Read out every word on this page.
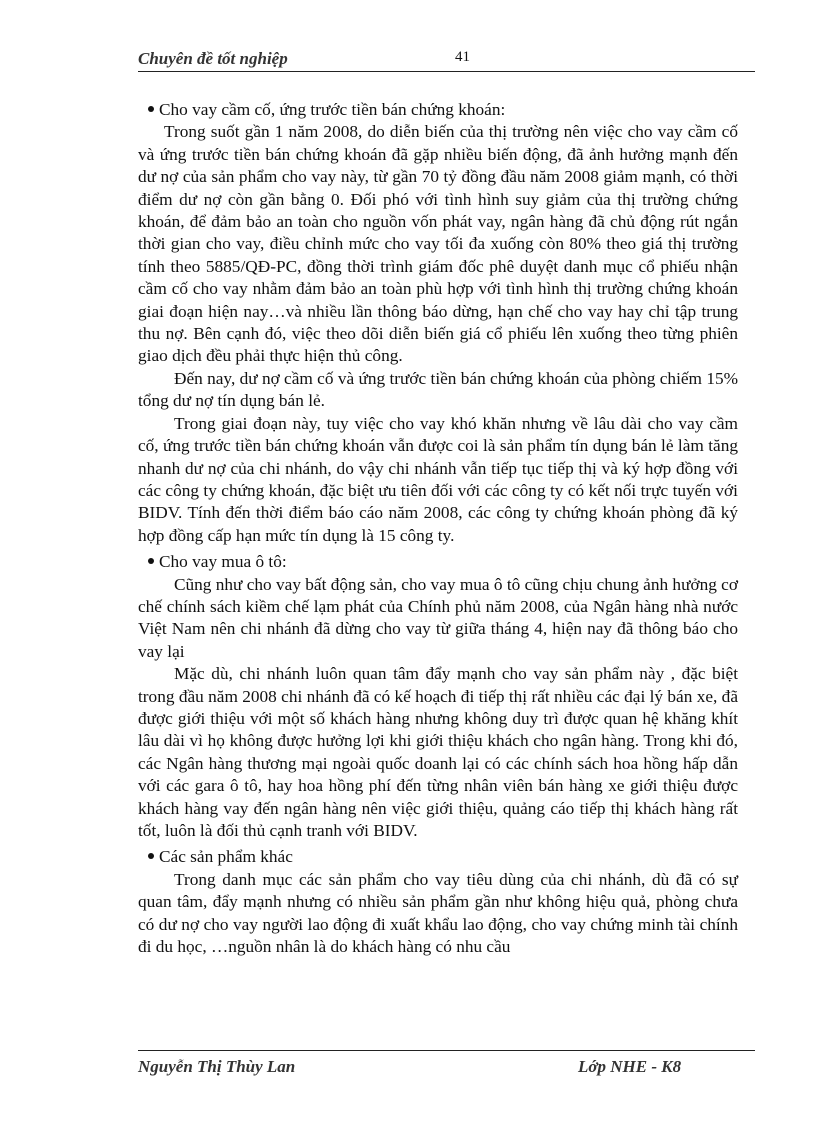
Chuyên đề tốt nghiệp	41
Cho vay cầm cố, ứng trước tiền bán chứng khoán:

Trong suốt gần 1 năm 2008, do diễn biến của thị trường nên việc cho vay cầm cố và ứng trước tiền bán chứng khoán đã gặp nhiều biến động, đã ảnh hưởng mạnh đến dư nợ của sản phẩm cho vay này, từ gần 70 tỷ đồng đầu năm 2008 giảm mạnh, có thời điểm dư nợ còn gần bằng 0. Đối phó với tình hình suy giảm của thị trường chứng khoán, để đảm bảo an toàn cho nguồn vốn phát vay, ngân hàng đã chủ động rút ngắn thời gian cho vay, điều chỉnh mức cho vay tối đa xuống còn 80% theo giá thị trường tính theo 5885/QĐ-PC, đồng thời trình giám đốc phê duyệt danh mục cổ phiếu nhận cầm cố cho vay nhằm đảm bảo an toàn phù hợp với tình hình thị trường chứng khoán giai đoạn hiện nay…và nhiều lần thông báo dừng, hạn chế cho vay hay chỉ tập trung thu nợ. Bên cạnh đó, việc theo dõi diễn biến giá cổ phiếu lên xuống theo từng phiên giao dịch đều phải thực hiện thủ công.

Đến nay, dư nợ cầm cố và ứng trước tiền bán chứng khoán của phòng chiếm 15% tổng dư nợ tín dụng bán lẻ.

Trong giai đoạn này, tuy việc cho vay khó khăn nhưng về lâu dài cho vay cầm cố, ứng trước tiền bán chứng khoán vẫn được coi là sản phẩm tín dụng bán lẻ làm tăng nhanh dư nợ của chi nhánh, do vậy chi nhánh vẫn tiếp tục tiếp thị và ký hợp đồng với các công ty chứng khoán, đặc biệt ưu tiên đối với các công ty có kết nối trực tuyến với BIDV. Tính đến thời điểm báo cáo năm 2008, các công ty chứng khoán phòng đã ký hợp đồng cấp hạn mức tín dụng là 15 công ty.

Cho vay mua ô tô:

Cũng như cho vay bất động sản, cho vay mua ô tô cũng chịu chung ảnh hưởng cơ chế chính sách kiềm chế lạm phát của Chính phủ năm 2008, của Ngân hàng nhà nước Việt Nam nên chi nhánh đã dừng cho vay từ giữa tháng 4, hiện nay đã thông báo cho vay lại

Mặc dù, chi nhánh luôn quan tâm đẩy mạnh cho vay sản phẩm này , đặc biệt trong đầu năm 2008 chi nhánh đã có kế hoạch đi tiếp thị rất nhiều các đại lý bán xe, đã được giới thiệu với một số khách hàng nhưng không duy trì được quan hệ khăng khít lâu dài vì họ không được hưởng lợi khi giới thiệu khách cho ngân hàng. Trong khi đó, các Ngân hàng thương mại ngoài quốc doanh lại có các chính sách hoa hồng hấp dẫn với các gara ô tô, hay hoa hồng phí đến từng nhân viên bán hàng xe giới thiệu được khách hàng vay đến ngân hàng nên việc giới thiệu, quảng cáo tiếp thị khách hàng rất tốt, luôn là đối thủ cạnh tranh với BIDV.

Các sản phẩm khác

Trong danh mục các sản phẩm cho vay tiêu dùng của chi nhánh, dù đã có sự quan tâm, đẩy mạnh nhưng có nhiều sản phẩm gần như không hiệu quả, phòng chưa có dư nợ cho vay người lao động đi xuất khẩu lao động, cho vay chứng minh tài chính đi du học, …nguồn nhân là do khách hàng có nhu cầu

Nguyễn Thị Thùy Lan	Lớp NHE - K8
